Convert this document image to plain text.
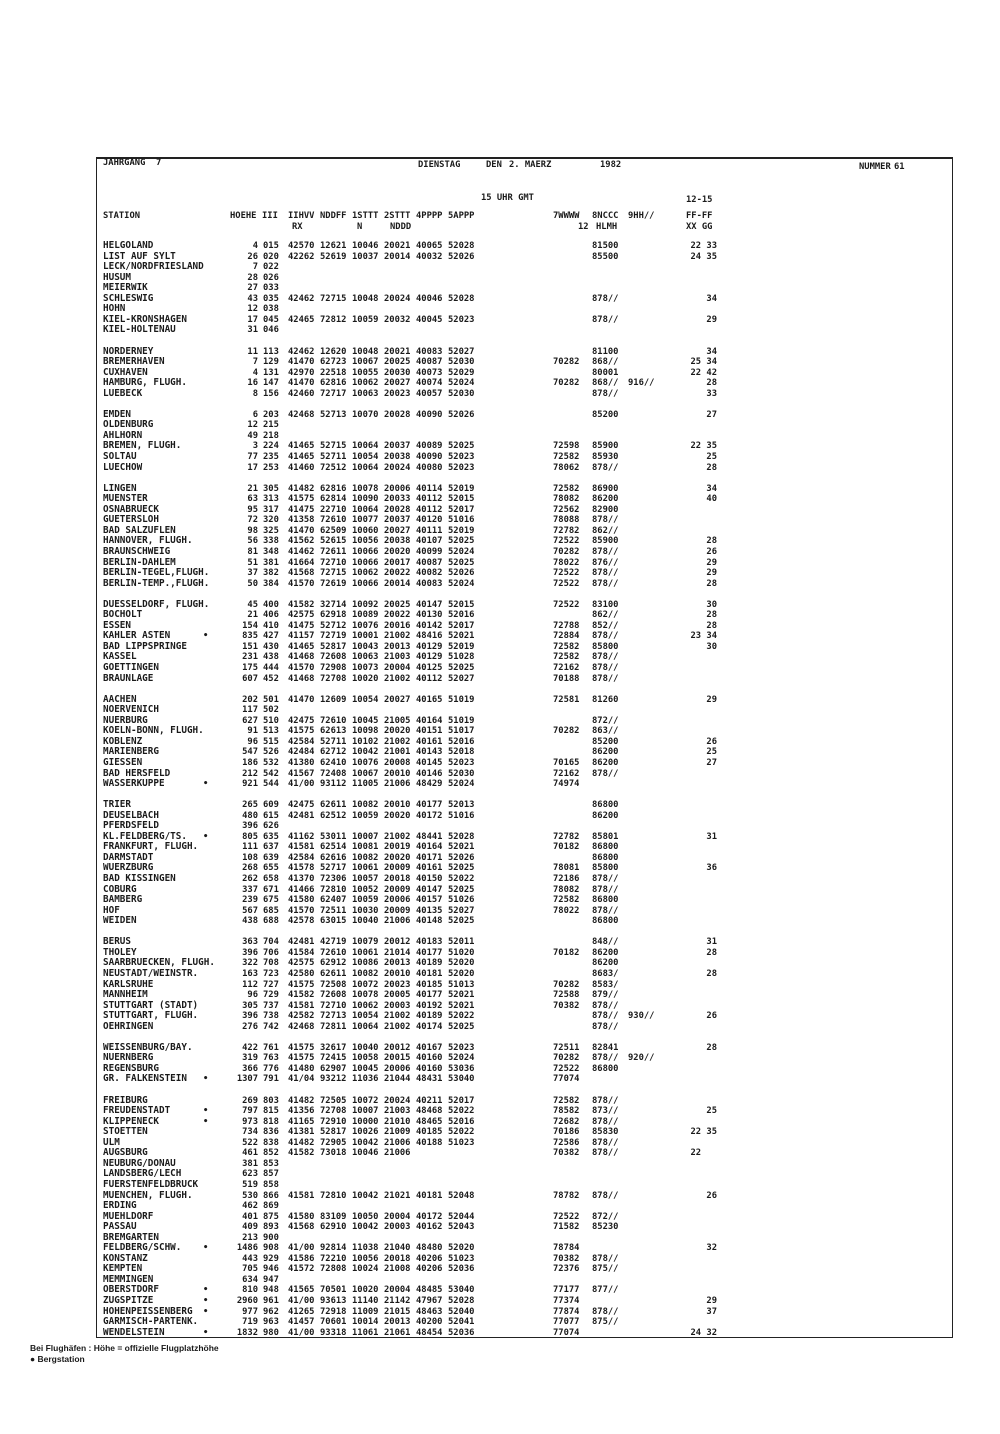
JAHRGANG  7	DIENSTAG	DEN 2. MAERZ	1982	NUMMER 61
15 UHR GMT	12-15
STATION	HOEHE III IIHVV NDDFF 1STTT 2STTT 4PPPP 5APPP	7WWWW 8NCCC 9HH//	FF-FF
RX	N	NDDD	12 HLMH	XX GG
HELGOLAND	4 015 42570 12621 10046 20021 40065 52028	81500	22 33
LIST AUF SYLT	26 020 42262 52619 10037 20014 40032 52026	85500	24 35
LECK/NORDFRIESLAND	7 022
HUSUM	28 026
MEIERWIK	27 033
SCHLESWIG	43 035 42462 72715 10048 20024 40046 52028	878//	34
HOHN	12 038
KIEL-KRONSHAGEN	17 045 42465 72812 10059 20032 40045 52023	878//	29
KIEL-HOLTENAU	31 046
NORDERNEY	11 113 42462 12620 10048 20021 40083 52027	81100	34
BREMERHAVEN	7 129 41470 62723 10067 20025 40087 52030	70282 868//	25 34
CUXHAVEN	4 131 42970 22518 10055 20030 40073 52029	80001	22 42
HAMBURG, FLUGH.	16 147 41470 62816 10062 20027 40074 52024	70282 868// 916//	28
LUEBECK	8 156 42460 72717 10063 20023 40057 52030	878//	33
EMDEN	6 203 42468 52713 10070 20028 40090 52026	85200	27
OLDENBURG	12 215
AHLHORN	49 218
BREMEN, FLUGH.	3 224 41465 52715 10064 20037 40089 52025	72598 85900	22 35
SOLTAU	77 235 41465 52711 10054 20038 40090 52023	72582 85930	25
LUECHOW	17 253 41460 72512 10064 20024 40080 52023	78062 878//	28
LINGEN	21 305 41482 62816 10078 20006 40114 52019	72582 86900	34
MUENSTER	63 313 41575 62814 10090 20033 40112 52015	78082 86200	40
OSNABRUECK	95 317 41475 22710 10064 20028 40112 52017	72562 82900
GUETERSLOH	72 320 41358 72610 10077 20037 40120 51016	78088 878//
BAD SALZUFLEN	98 325 41470 62509 10060 20027 40111 52019	72782 862//
HANNOVER, FLUGH.	56 338 41562 52615 10056 20038 40107 52025	72522 85900	28
BRAUNSCHWEIG	81 348 41462 72611 10066 20020 40099 52024	70282 878//	26
BERLIN-DAHLEM	51 381 41664 72710 10066 20017 40087 52025	78022 876//	29
BERLIN-TEGEL,FLUGH.	37 382 41568 72715 10062 20022 40082 52026	72522 878//	29
BERLIN-TEMP.,FLUGH.	50 384 41570 72619 10066 20014 40083 52024	72522 878//	28
DUESSELDORF, FLUGH.	45 400 41582 32714 10092 20025 40147 52015	72522 83100	30
BOCHOLT	21 406 42575 62918 10089 20022 40130 52016	862//	28
ESSEN	154 410 41475 52712 10076 20016 40142 52017	72788 852//	28
KAHLER ASTEN	•	835 427 41157 72719 10001 21002 48416 52021	72884 878//	23 34
BAD LIPPSPRINGE	151 430 41465 52817 10043 20013 40129 52019	72582 85800	30
KASSEL	231 438 41468 72608 10063 21003 40129 51028	72582 878//
GOETTINGEN	175 444 41570 72908 10073 20004 40125 52025	72162 878//
BRAUNLAGE	607 452 41468 72708 10020 21002 40112 52027	70188 878//
AACHEN	202 501 41470 12609 10054 20027 40165 51019	72581 81260	29
NOERVENICH	117 502
NUERBURG	627 510 42475 72610 10045 21005 40164 51019	872//
KOELN-BONN, FLUGH.	91 513 41575 62613 10098 20020 40151 51017	70282 863//
KOBLENZ	96 515 42584 52711 10102 21002 40161 52016	85200	26
MARIENBERG	547 526 42484 62712 10042 21001 40143 52018	86200	25
GIESSEN	186 532 41380 62410 10076 20008 40145 52023	70165 86200	27
BAD HERSFELD	212 542 41567 72408 10067 20010 40146 52030	72162 878//
WASSERKUPPE	•	921 544 41/00 93112 11005 21006 48429 52024	74974
TRIER	265 609 42475 62611 10082 20010 40177 52013	86800
DEUSELBACH	480 615 42481 62512 10059 20020 40172 51016	86200
PFERDSFELD	396 626
KL.FELDBERG/TS. •	805 635 41162 53011 10007 21002 48441 52028	72782 85801	31
FRANKFURT, FLUGH.	111 637 41581 62514 10081 20019 40164 52021	70182 86800
DARMSTADT	108 639 42584 62616 10082 20020 40171 52026	86800
WUERZBURG	268 655 41578 52717 10061 20009 40161 52025	78081 85800	36
BAD KISSINGEN	262 658 41370 72306 10057 20018 40150 52022	72186 878//
COBURG	337 671 41466 72810 10052 20009 40147 52025	78082 878//
BAMBERG	239 675 41580 62407 10059 20006 40157 51026	72582 86800
HOF	567 685 41570 72511 10030 20009 40135 52027	78022 878//
WEIDEN	438 688 42578 63015 10040 21006 40148 52025	86800
BERUS	363 704 42481 42719 10079 20012 40183 52011	848//	31
THOLEY	396 706 41584 72610 10061 21014 40177 51020	70182 86200	28
SAARBRUECKEN, FLUGH.	322 708 42575 62912 10086 20013 40189 52020	86200
NEUSTADT/WEINSTR.	163 723 42580 62611 10082 20010 40181 52020	8683/	28
KARLSRUHE	112 727 41575 72508 10072 20023 40185 51013	70282 8583/
MANNHEIM	96 729 41582 72608 10078 20005 40177 52021	72588 879//
STUTTGART (STADT)	305 737 41581 72710 10062 20003 40192 52021	70382 878//
STUTTGART, FLUGH.	396 738 42582 72713 10054 21002 40189 52022	878// 930//	26
OEHRINGEN	276 742 42468 72811 10064 21002 40174 52025	878//
WEISSENBURG/BAY.	422 761 41575 32617 10040 20012 40167 52023	72511 82841	28
NUERNBERG	319 763 41575 72415 10058 20015 40160 52024	70282 878// 920//
REGENSBURG	366 776 41480 62907 10045 20006 40160 53036	72522 86800
GR. FALKENSTEIN •	1307 791 41/04 93212 11036 21044 48431 53040	77074
FREIBURG	269 803 41482 72505 10072 20024 40211 52017	72582 878//
FREUDENSTADT	•	797 815 41356 72708 10007 21003 48468 52022	78582 873//	25
KLIPPENECK	•	973 818 41165 72910 10000 21010 48465 52016	72682 878//
STOETTEN	734 836 41381 52817 10026 21009 40185 52022	70186 85830	22 35
ULM	522 838 41482 72905 10042 21006 40188 51023	72586 878//
AUGSBURG	461 852 41582 73018 10046 21006	70382 878//	22
NEUBURG/DONAU	381 853
LANDSBERG/LECH	623 857
FUERSTENFELDBRUCK	519 858
MUENCHEN, FLUGH.	530 866 41581 72810 10042 21021 40181 52048	78782 878//	26
ERDING	462 869
MUEHLDORF	401 875 41580 83109 10050 20004 40172 52044	72522 872//
PASSAU	409 893 41568 62910 10042 20003 40162 52043	71582 85230
BREMGARTEN	213 900
FELDBERG/SCHW. •	1486 908 41/00 92814 11038 21040 48480 52020	78784	32
KONSTANZ	443 929 41586 72210 10056 20018 40206 51023	70382 878//
KEMPTEN	705 946 41572 72808 10024 21008 40206 52036	72376 875//
MEMMINGEN	634 947
OBERSTDORF	•	810 948 41565 70501 10020 20004 48485 53040	77177 877//
ZUGSPITZE	•	2960 961 41/00 93613 11140 21142 47967 52028	77374	29
HOHENPEISSENBERG •	977 962 41265 72918 11009 21015 48463 52040	77874 878//	37
GARMISCH-PARTENK.	719 963 41457 70601 10014 20013 40200 52041	77077 875//
WENDELSTEIN	•	1832 980 41/00 93318 11061 21061 48454 52036	77074	24 32
Bei Flughäfen : Höhe = offizielle Flugplatzhöhe
● Bergstation
